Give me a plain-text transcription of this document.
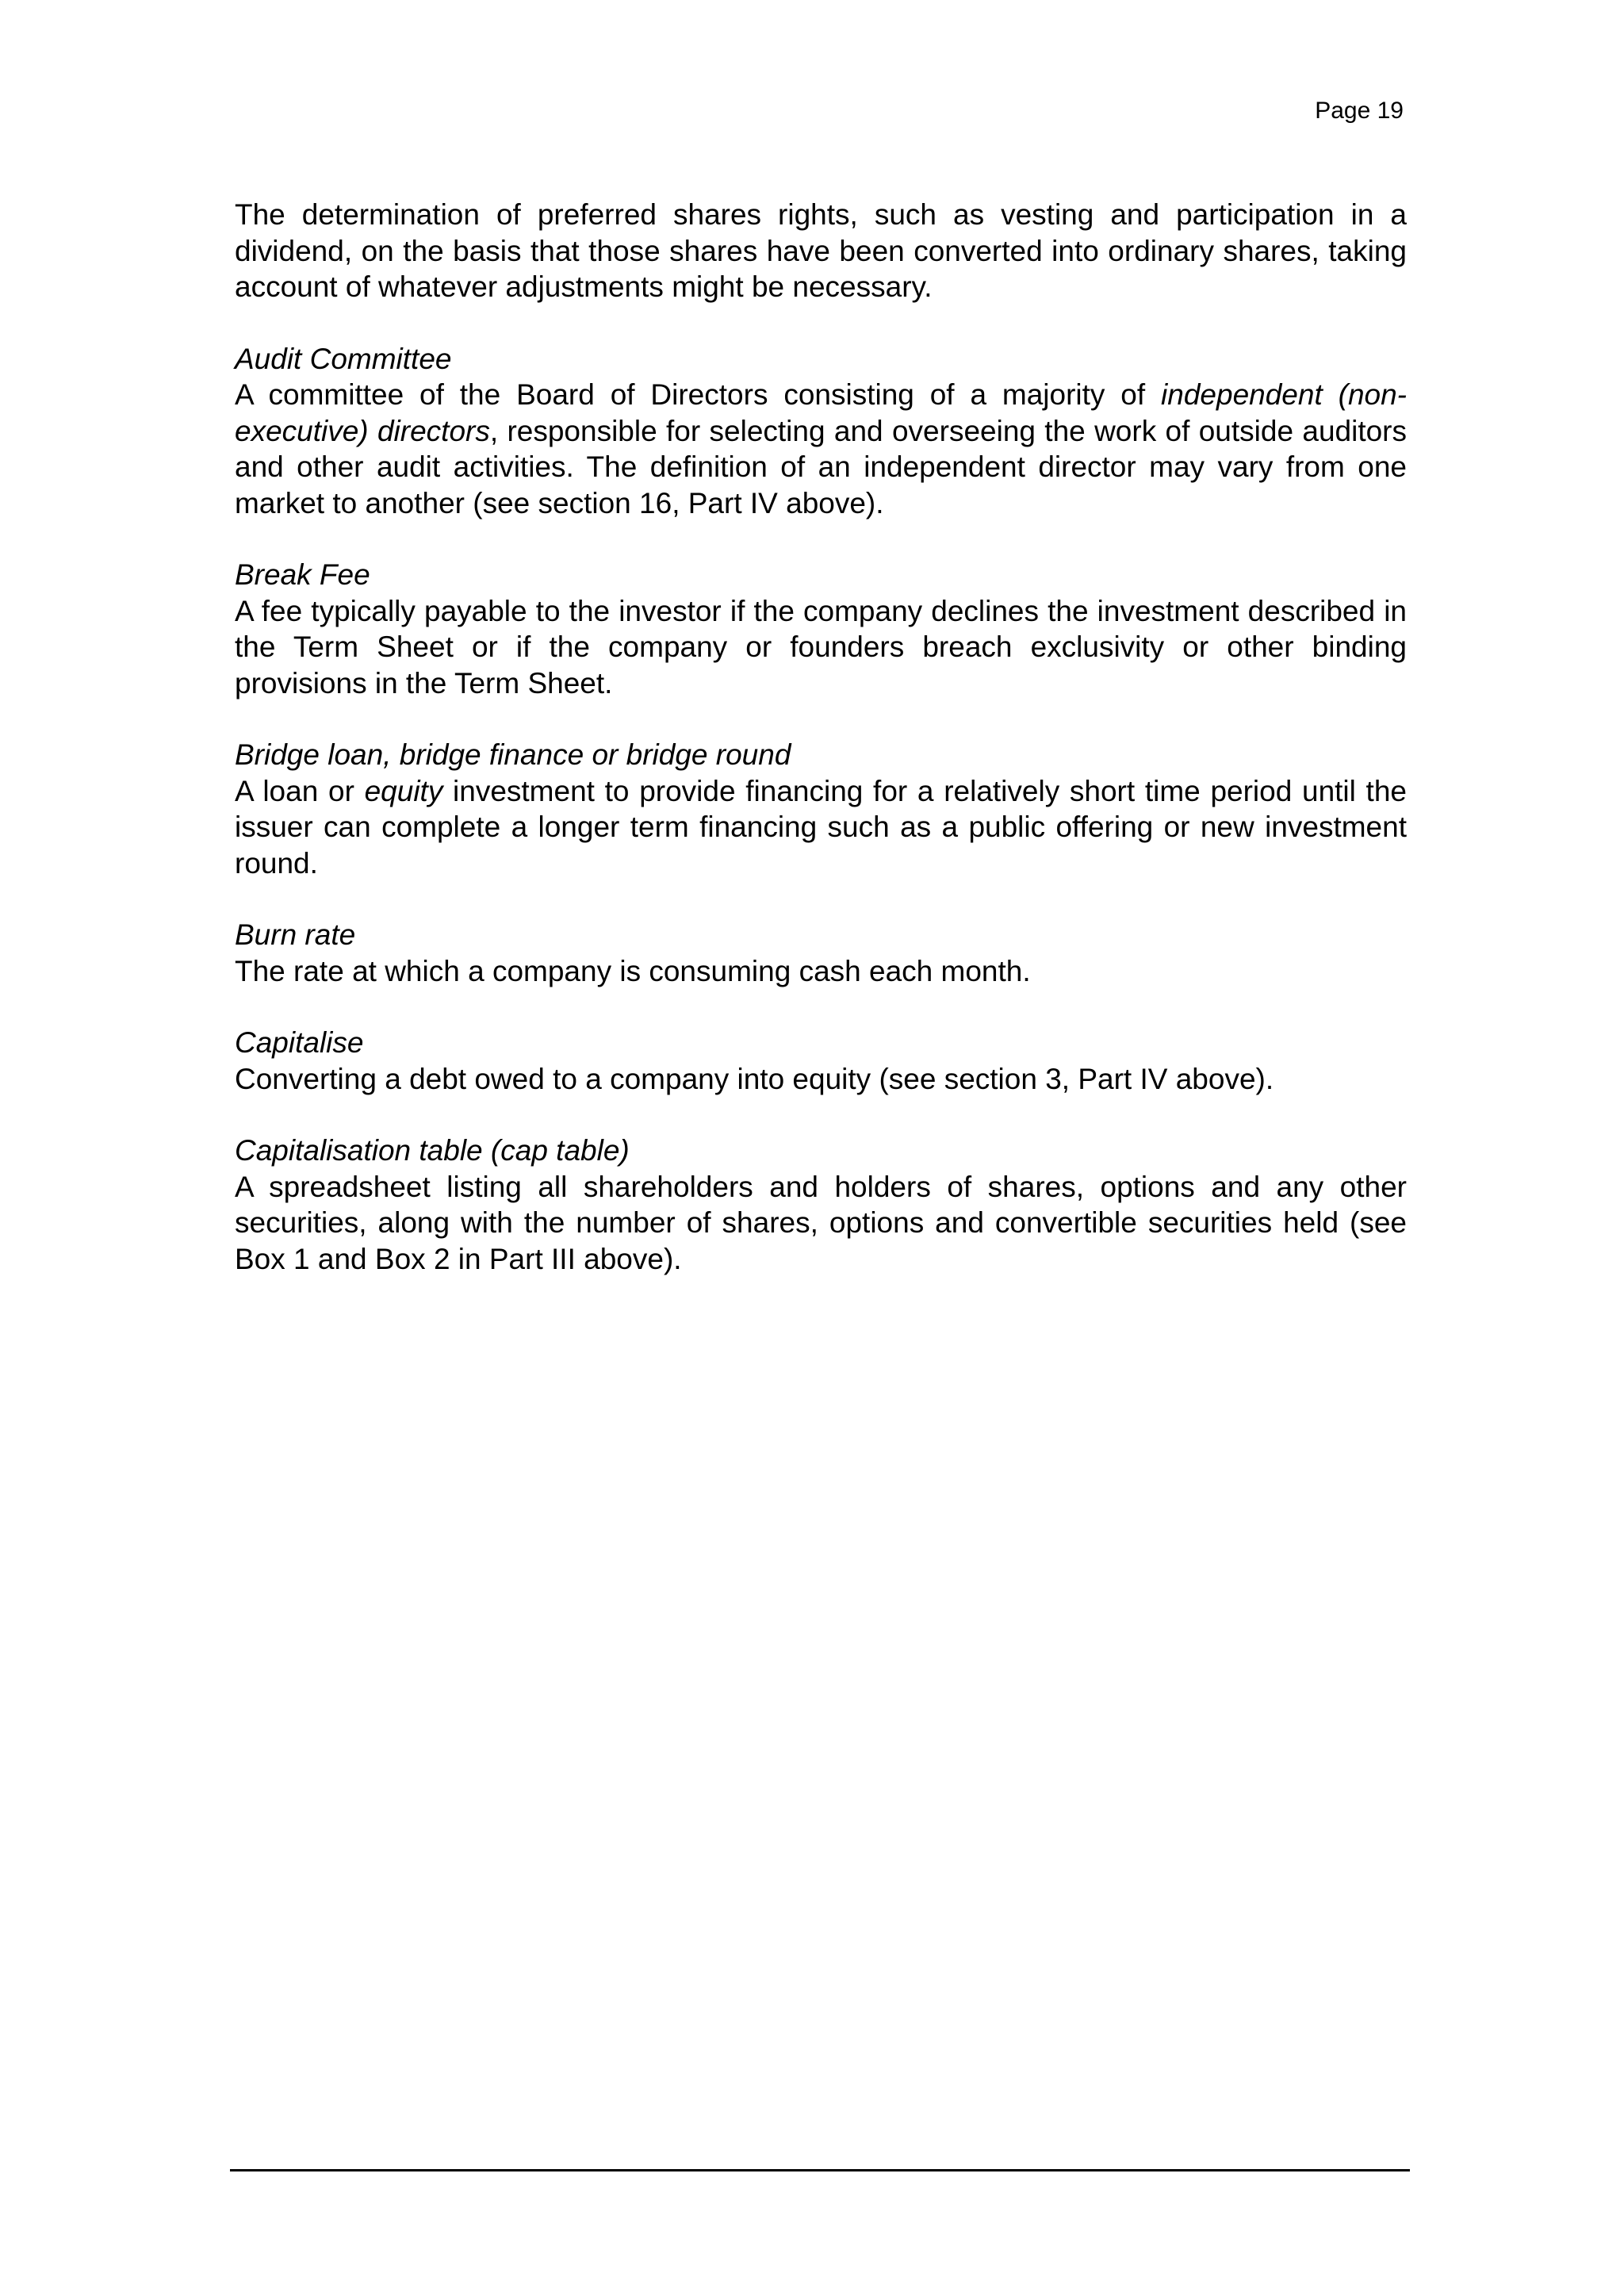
Page 19

The determination of preferred shares rights, such as vesting and participation in a dividend, on the basis that those shares have been converted into ordinary shares, taking account of whatever adjustments might be necessary.

Audit Committee

A committee of the Board of Directors consisting of a majority of independent (non-executive) directors, responsible for selecting and overseeing the work of outside auditors and other audit activities. The definition of an independent director may vary from one market to another (see section 16, Part IV above).

Break Fee

A fee typically payable to the investor if the company declines the investment described in the Term Sheet or if the company or founders breach exclusivity or other binding provisions in the Term Sheet.

Bridge loan, bridge finance or bridge round

A loan or equity investment to provide financing for a relatively short time period until the issuer can complete a longer term financing such as a public offering or new investment round.

Burn rate

The rate at which a company is consuming cash each month.

Capitalise

Converting a debt owed to a company into equity (see section 3, Part IV above).

Capitalisation table (cap table)

A spreadsheet listing all shareholders and holders of shares, options and any other securities, along with the number of shares, options and convertible securities held (see Box 1 and Box 2 in Part III above).
